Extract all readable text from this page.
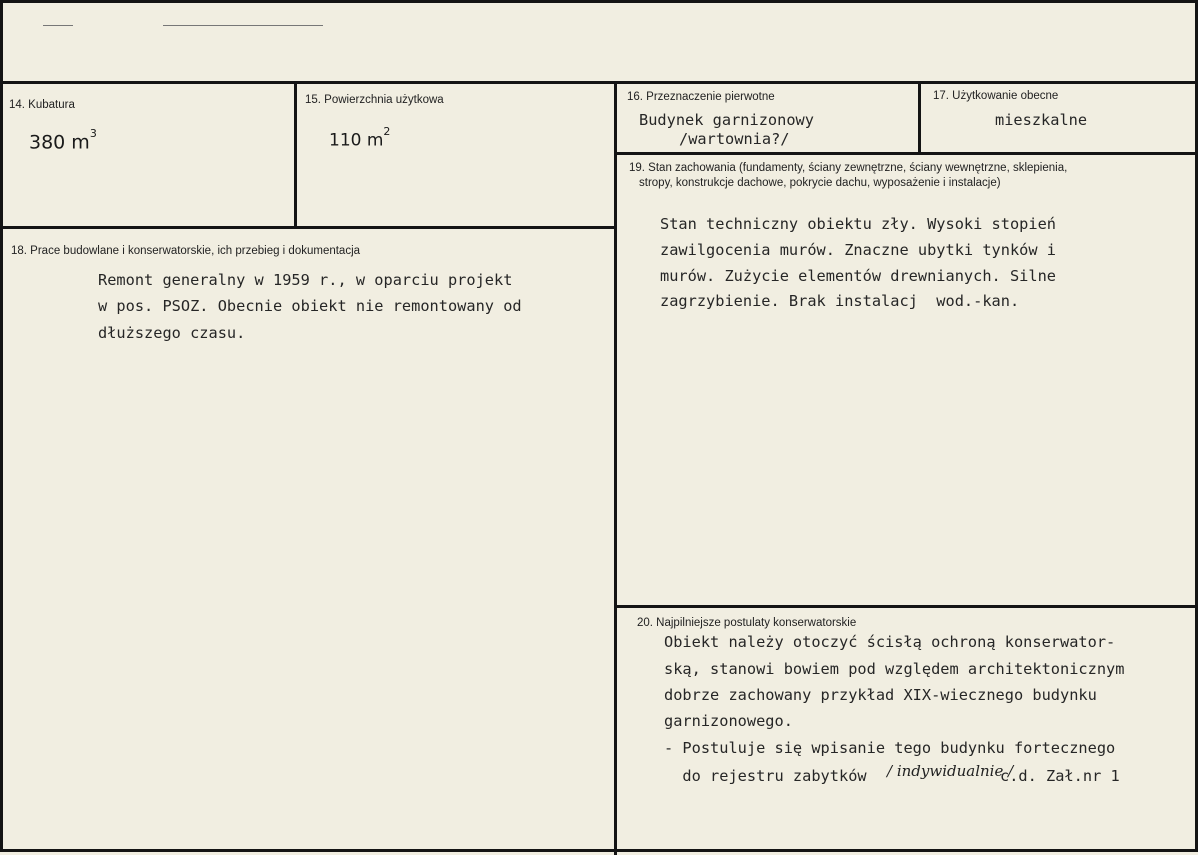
14. Kubatura
380 $m^3$
15. Powierzchnia użytkowa
110 $m^2$
16. Przeznaczenie pierwotne
Budynek garnizonowy
/wartownia?/
17. Użytkowanie obecne
mieszkalne
18. Prace budowlane i konserwatorskie, ich przebieg i dokumentacja
Remont generalny w 1959 r., w oparciu projekt
w pos. PSOZ. Obecnie obiekt nie remontowany od
dłuższego czasu.
19. Stan zachowania (fundamenty, ściany zewnętrzne, ściany wewnętrzne, sklepienia,
stropy, konstrukcje dachowe, pokrycie dachu, wyposażenie i instalacje)
Stan techniczny obiektu zły. Wysoki stopień
zawilgocenia murów. Znaczne ubytki tynków i
murów. Zużycie elementów drewnianych. Silne
zagrzybienie. Brak instalacj  wod.-kan.
20. Najpilniejsze postulaty konserwatorskie
Obiekt należy otoczyć ścisłą ochroną konserwator-
ską, stanowi bowiem pod względem architektonicznym
dobrze zachowany przykład XIX-wiecznego budynku
garnizonowego.
- Postuluje się wpisanie tego budynku fortecznego
do rejestru zabytków / indywidualnie /
c.d. Zał.nr 1
